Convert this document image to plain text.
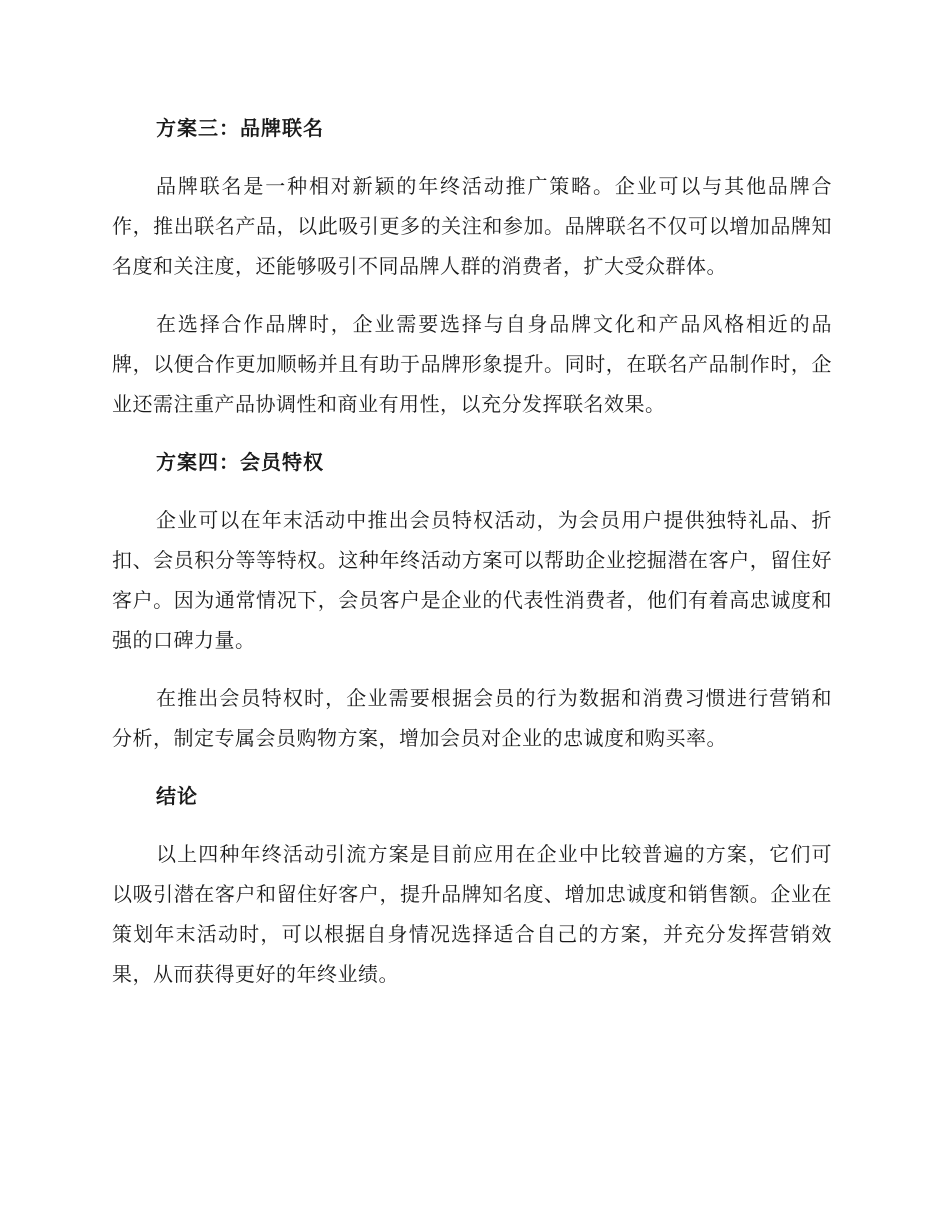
方案三：品牌联名

品牌联名是一种相对新颖的年终活动推广策略。企业可以与其他品牌合作，推出联名产品，以此吸引更多的关注和参加。品牌联名不仅可以增加品牌知名度和关注度，还能够吸引不同品牌人群的消费者，扩大受众群体。

在选择合作品牌时，企业需要选择与自身品牌文化和产品风格相近的品牌，以便合作更加顺畅并且有助于品牌形象提升。同时，在联名产品制作时，企业还需注重产品协调性和商业有用性，以充分发挥联名效果。

方案四：会员特权

企业可以在年末活动中推出会员特权活动，为会员用户提供独特礼品、折扣、会员积分等等特权。这种年终活动方案可以帮助企业挖掘潜在客户，留住好客户。因为通常情况下，会员客户是企业的代表性消费者，他们有着高忠诚度和强的口碑力量。

在推出会员特权时，企业需要根据会员的行为数据和消费习惯进行营销和分析，制定专属会员购物方案，增加会员对企业的忠诚度和购买率。

结论

以上四种年终活动引流方案是目前应用在企业中比较普遍的方案，它们可以吸引潜在客户和留住好客户，提升品牌知名度、增加忠诚度和销售额。企业在策划年末活动时，可以根据自身情况选择适合自己的方案，并充分发挥营销效果，从而获得更好的年终业绩。
